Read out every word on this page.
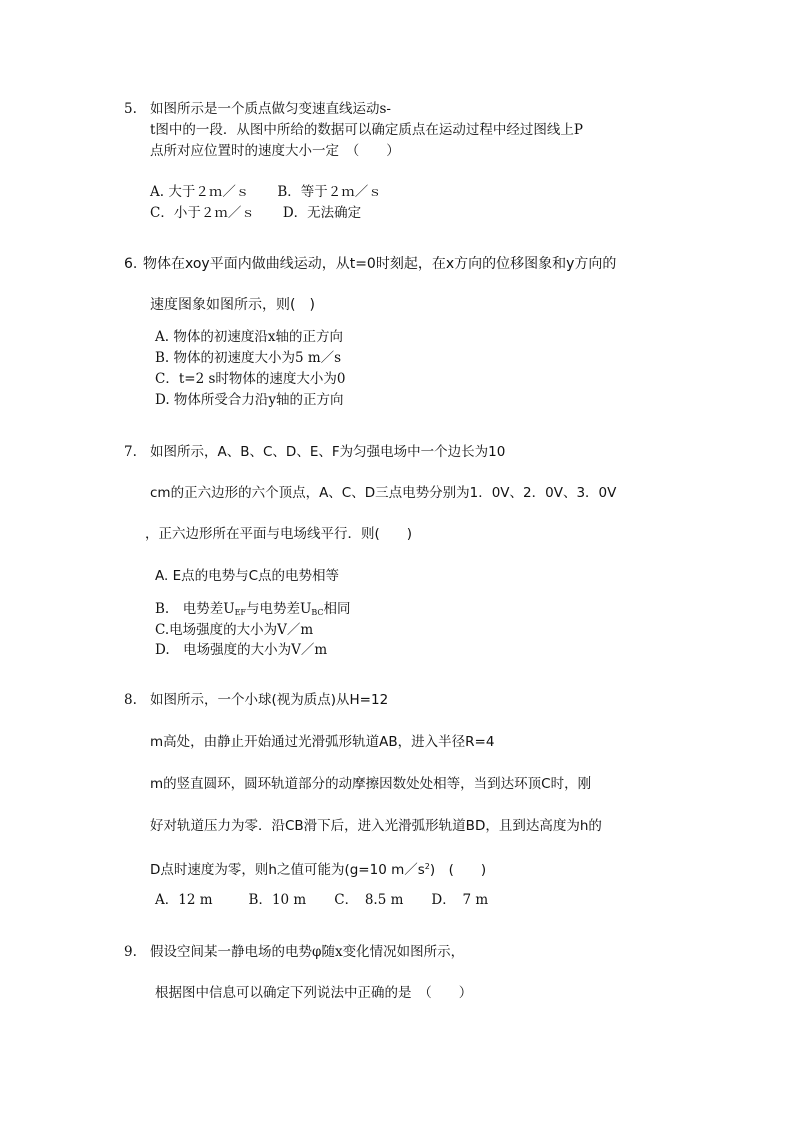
5. 如图所示是一个质点做匀变速直线运动s-
t图中的一段．从图中所给的数据可以确定质点在运动过程中经过图线上P
点所对应位置时的速度大小一定　（　　）
A. 大于２ｍ／ｓ B．等于２ｍ／ｓ
C．小于２ｍ／ｓ D．无法确定
6. 物体在xoy平面内做曲线运动，从t=0时刻起，在x方向的位移图象和y方向的
速度图象如图所示，则(　)
A. 物体的初速度沿x轴的正方向
B. 物体的初速度大小为5 m／s
C．t=2 s时物体的速度大小为0
D. 物体所受合力沿y轴的正方向
7. 如图所示，A、B、C、D、E、F为匀强电场中一个边长为10
cm的正六边形的六个顶点，A、C、D三点电势分别为1．0V、2．0V、3．0V
，正六边形所在平面与电场线平行．则(　　)
A. E点的电势与C点的电势相等
B.　电势差$U_{EF}$与电势差$U_{BC}$相同
C.电场强度的大小为V／m
D.　电场强度的大小为V／m
8. 如图所示，一个小球(视为质点)从H=12
m高处，由静止开始通过光滑弧形轨道AB，进入半径R=4
m的竖直圆环，圆环轨道部分的动摩擦因数处处相等，当到达环顶C时，刚
好对轨道压力为零．沿CB滑下后，进入光滑弧形轨道BD，且到达高度为h的
D点时速度为零，则h之值可能为(g=10 $m/s^2$)　(　　)
A．12 m	B．10 m C．　8.5 m D．　7 m
9. 假设空间某一静电场的电势φ随x变化情况如图所示，
根据图中信息可以确定下列说法中正确的是　（　　）
